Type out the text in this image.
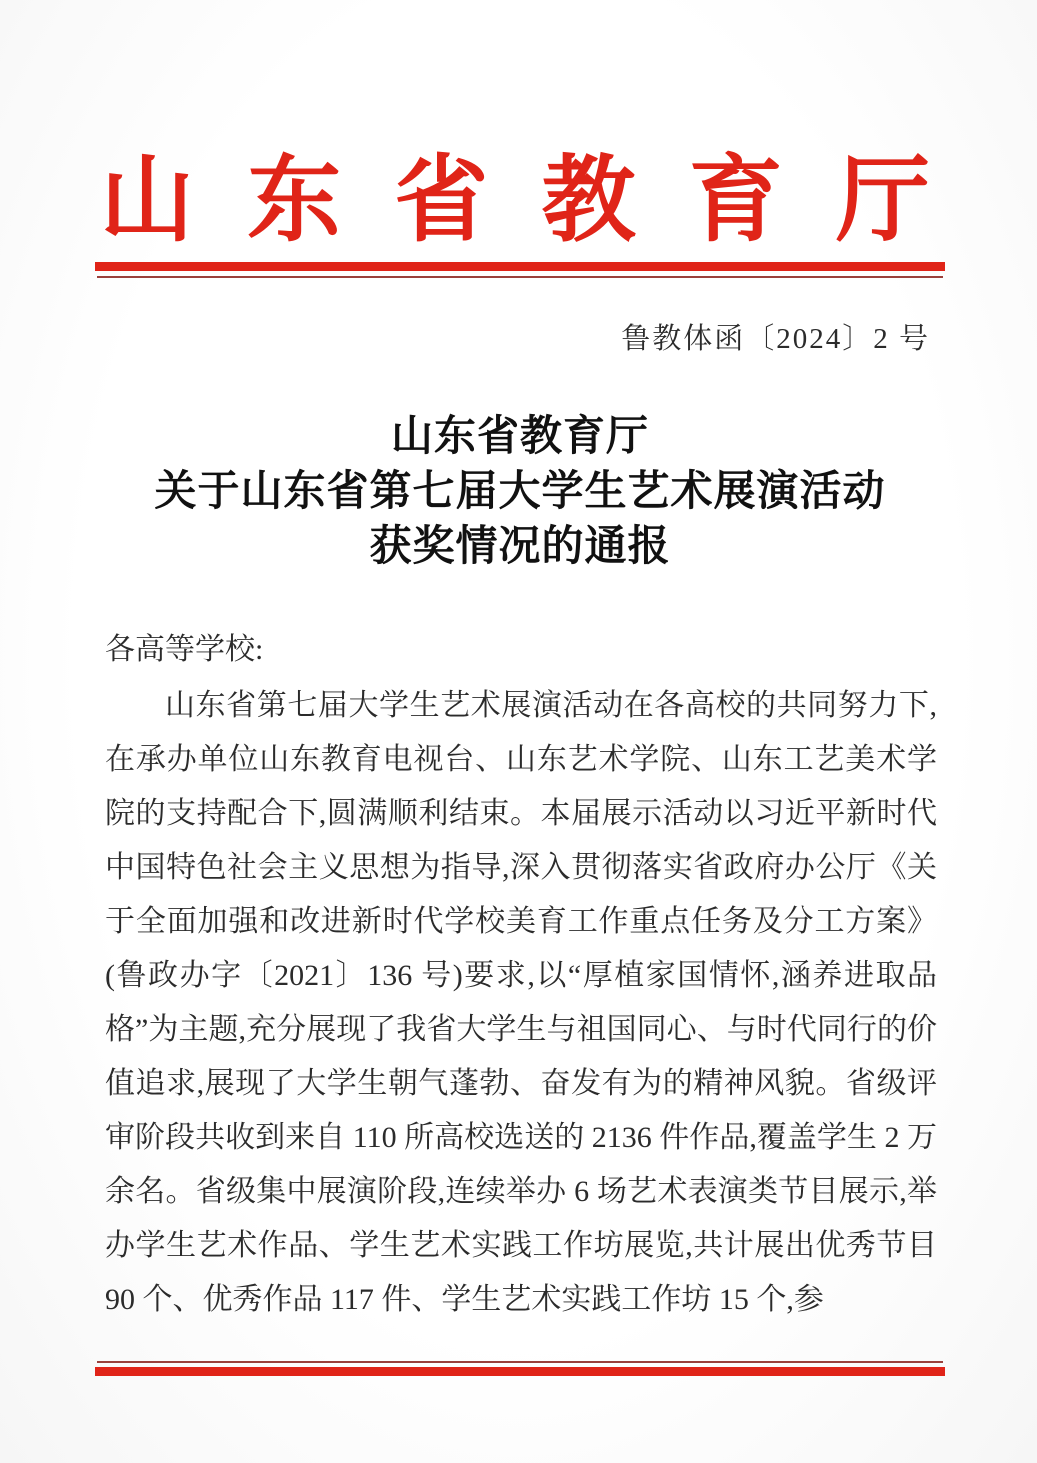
山 东 省 教 育 厅
鲁教体函〔2024〕2 号
山东省教育厅
关于山东省第七届大学生艺术展演活动
获奖情况的通报
各高等学校:

山东省第七届大学生艺术展演活动在各高校的共同努力下,在承办单位山东教育电视台、山东艺术学院、山东工艺美术学院的支持配合下,圆满顺利结束。本届展示活动以习近平新时代中国特色社会主义思想为指导,深入贯彻落实省政府办公厅《关于全面加强和改进新时代学校美育工作重点任务及分工方案》(鲁政办字〔2021〕136 号)要求,以“厚植家国情怀,涵养进取品格”为主题,充分展现了我省大学生与祖国同心、与时代同行的价值追求,展现了大学生朝气蓬勃、奋发有为的精神风貌。省级评审阶段共收到来自 110 所高校选送的 2136 件作品,覆盖学生 2 万余名。省级集中展演阶段,连续举办 6 场艺术表演类节目展示,举办学生艺术作品、学生艺术实践工作坊展览,共计展出优秀节目 90 个、优秀作品 117 件、学生艺术实践工作坊 15 个,参
